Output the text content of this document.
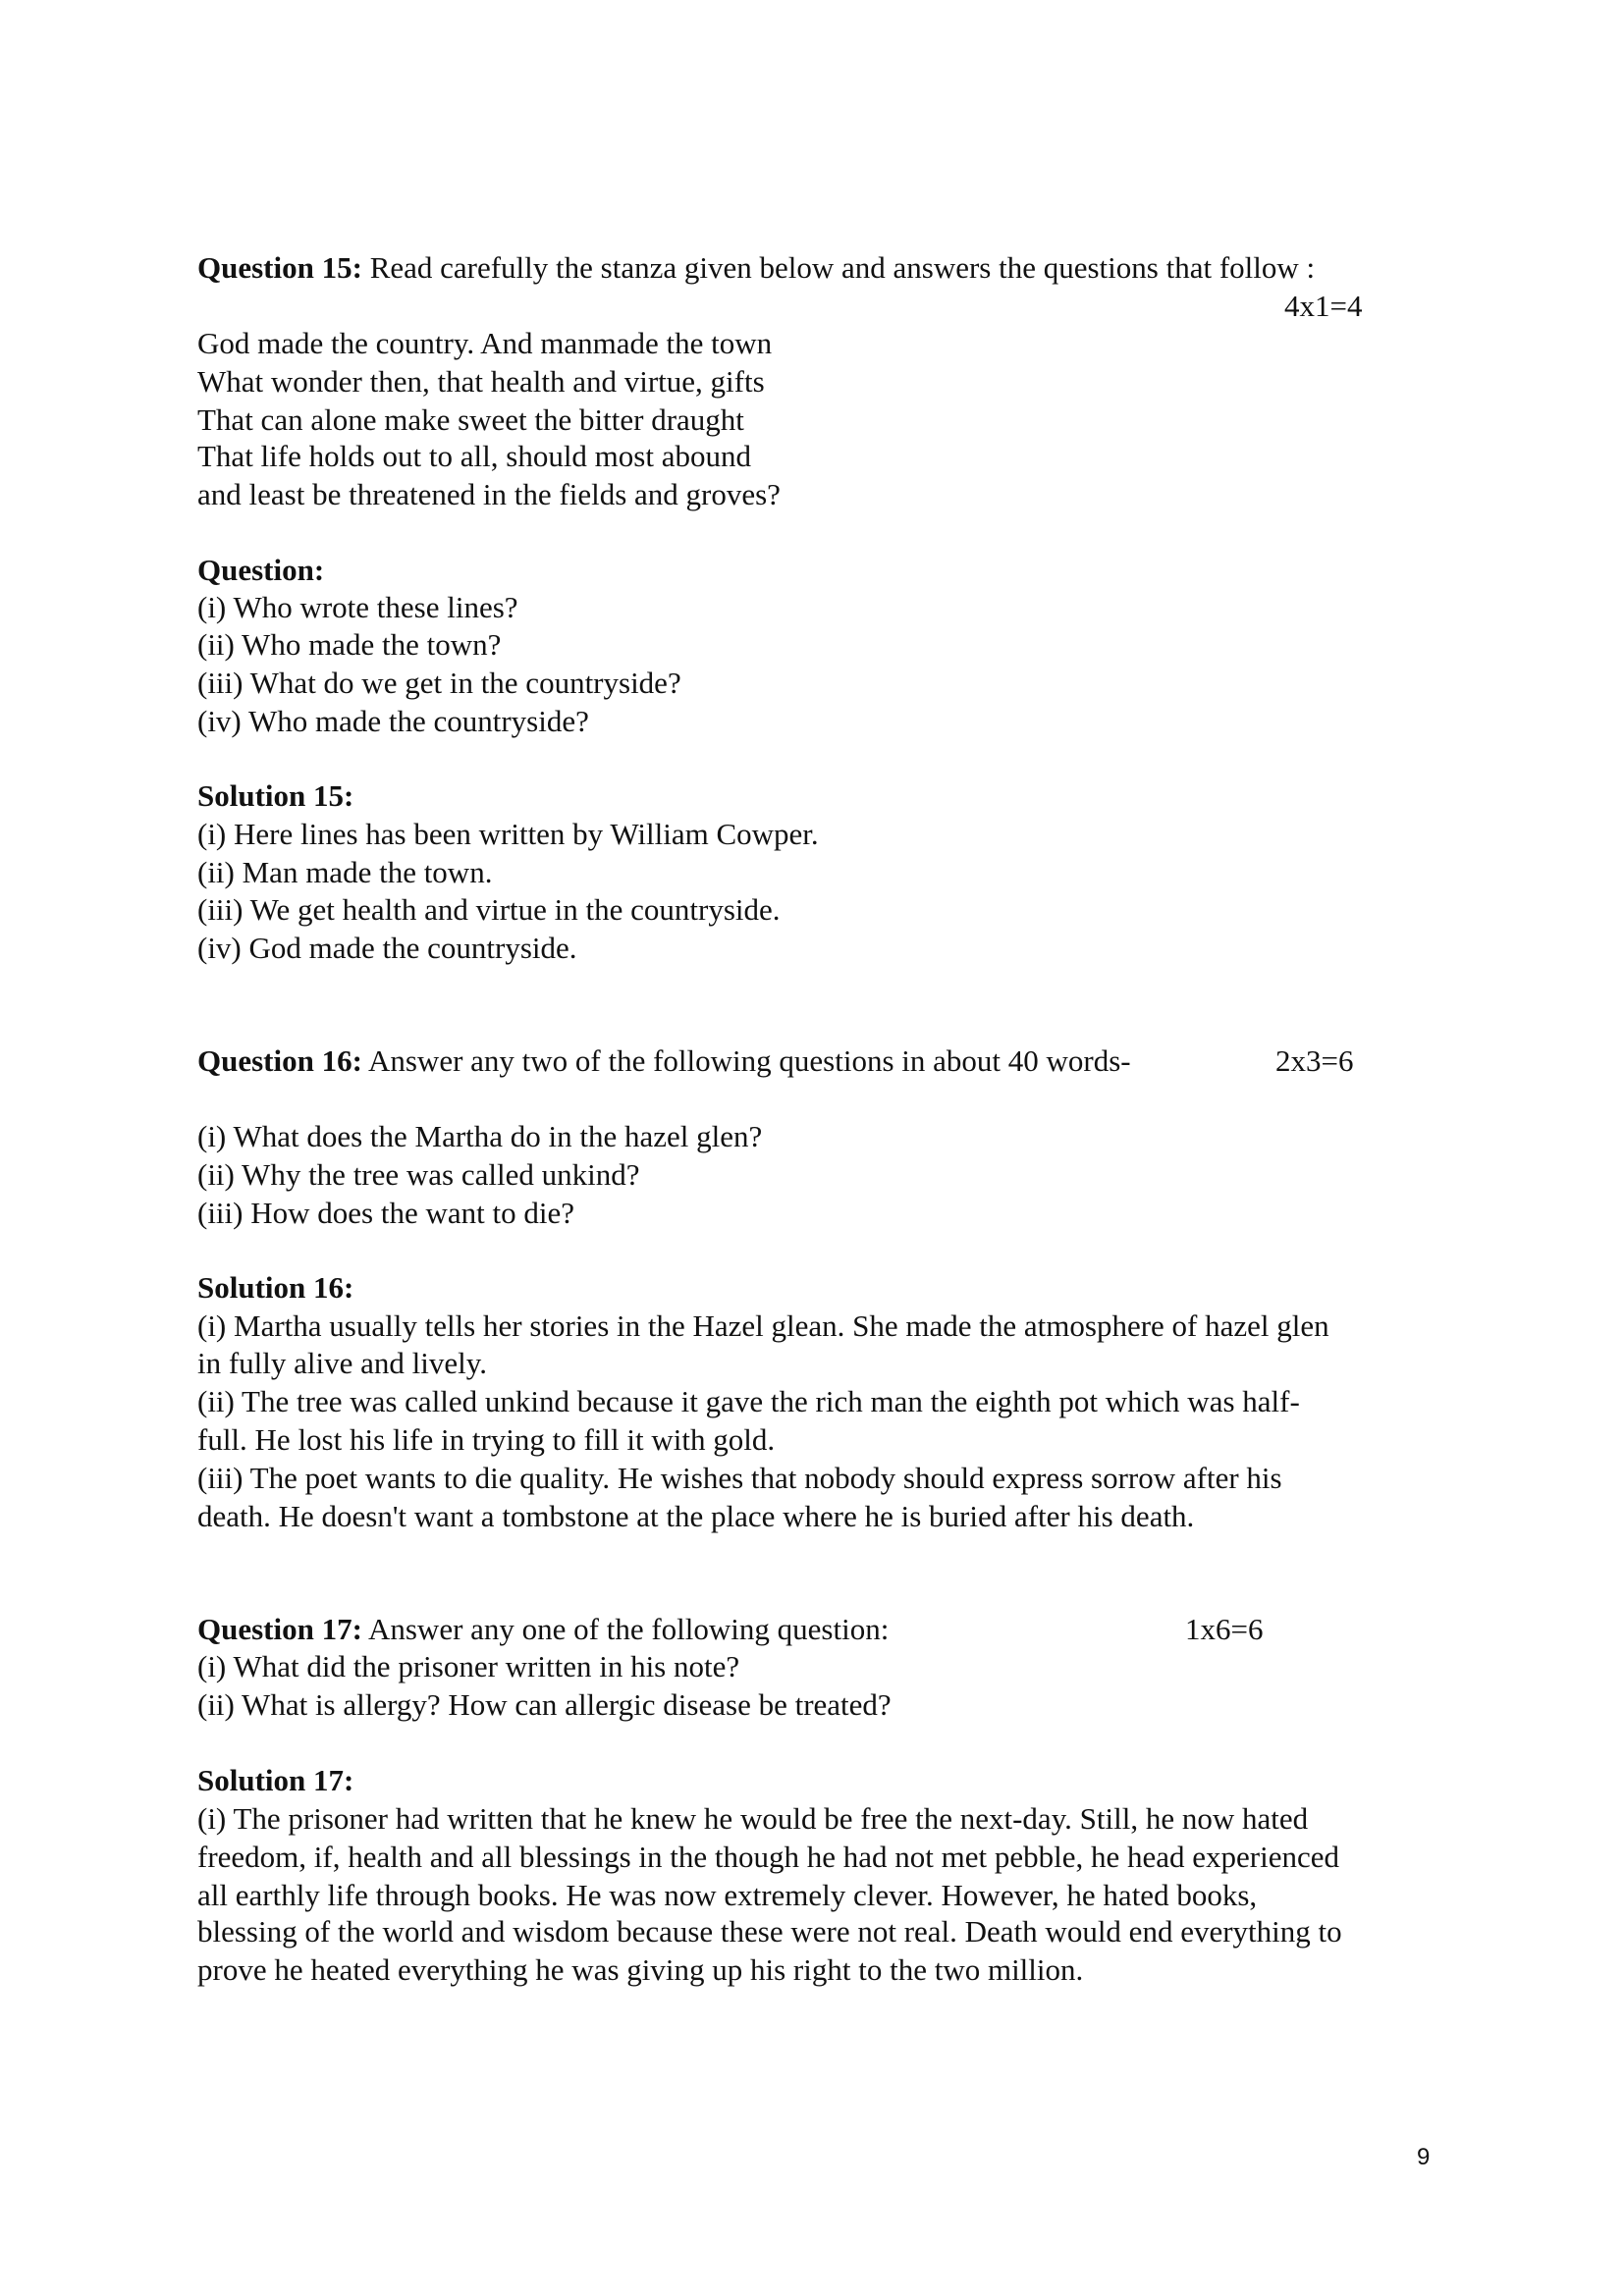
Question 15: Read carefully the stanza given below and answers the questions that follow :
4x1=4
God made the country. And manmade the town
What wonder then, that health and virtue, gifts
That can alone make sweet the bitter draught
That life holds out to all, should most abound
and least be threatened in the fields and groves?
Question:
(i) Who wrote these lines?
(ii) Who made the town?
(iii) What do we get in the countryside?
(iv) Who made the countryside?
Solution 15:
(i) Here lines has been written by William Cowper.
(ii) Man made the town.
(iii) We get health and virtue in the countryside.
(iv) God made the countryside.
Question 16: Answer any two of the following questions in about 40 words-	2x3=6
(i) What does the Martha do in the hazel glen?
(ii) Why the tree was called unkind?
(iii) How does the want to die?
Solution 16:
(i) Martha usually tells her stories in the Hazel glean. She made the atmosphere of hazel glen
in fully alive and lively.
(ii) The tree was called unkind because it gave the rich man the eighth pot which was half-
full. He lost his life in trying to fill it with gold.
(iii) The poet wants to die quality. He wishes that nobody should express sorrow after his
death. He doesn't want a tombstone at the place where he is buried after his death.
Question 17: Answer any one of the following question:	1x6=6
(i) What did the prisoner written in his note?
(ii) What is allergy? How can allergic disease be treated?
Solution 17:
(i) The prisoner had written that he knew he would be free the next-day. Still, he now hated
freedom, if, health and all blessings in the though he had not met pebble, he head experienced
all earthly life through books. He was now extremely clever. However, he hated books,
blessing of the world and wisdom because these were not real. Death would end everything to
prove he heated everything he was giving up his right to the two million.
9
